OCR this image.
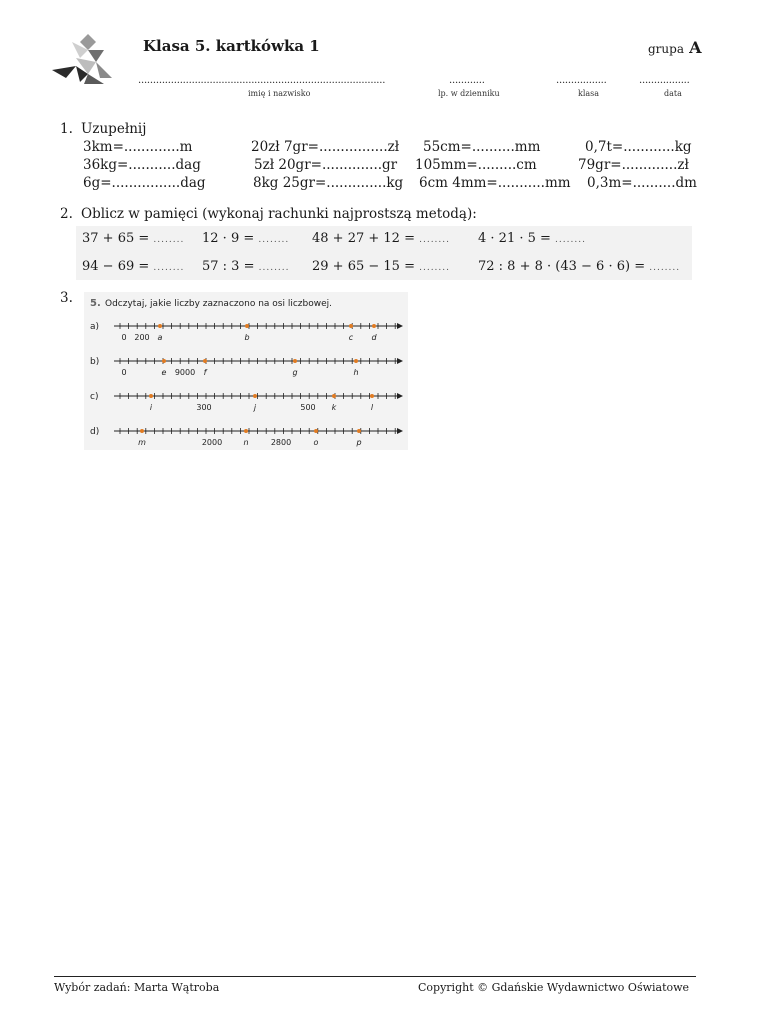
Klasa 5. kartkówka 1	grupa A
...................................................................................	............	.................	.................
imię i nazwisko	lp. w dzienniku	klasa	data
1. Uzupełnij
3km=.............m	20zł 7gr=................zł 55cm=..........mm	0,7t=............kg
36kg=...........dag	5zł 20gr=..............gr 105mm=.........cm	79gr=.............zł
6g=................dag	8kg 25gr=..............kg 6cm 4mm=...........mm 0,3m=..........dm
2. Oblicz w pamięci (wykonaj rachunki najprostszą metodą):
37 + 65 = ........ 12 · 9 = ........ 48 + 27 + 12 = ........ 4 · 21 · 5 = ........
94 − 69 = ........ 57 : 3 = ........ 29 + 65 − 15 = ........ 72 : 8 + 8 · (43 − 6 · 6) = ........
3. 5. Odczytaj, jakie liczby zaznaczono na osi liczbowej.
a)
0 200 a	b	c d
b)
0	9000
e	f	g	h
c)
300	500
i	j	k	l
d)
2000	2800
m	n	o	p
Wybór zadań: Marta Wątroba	Copyright © Gdańskie Wydawnictwo Oświatowe
